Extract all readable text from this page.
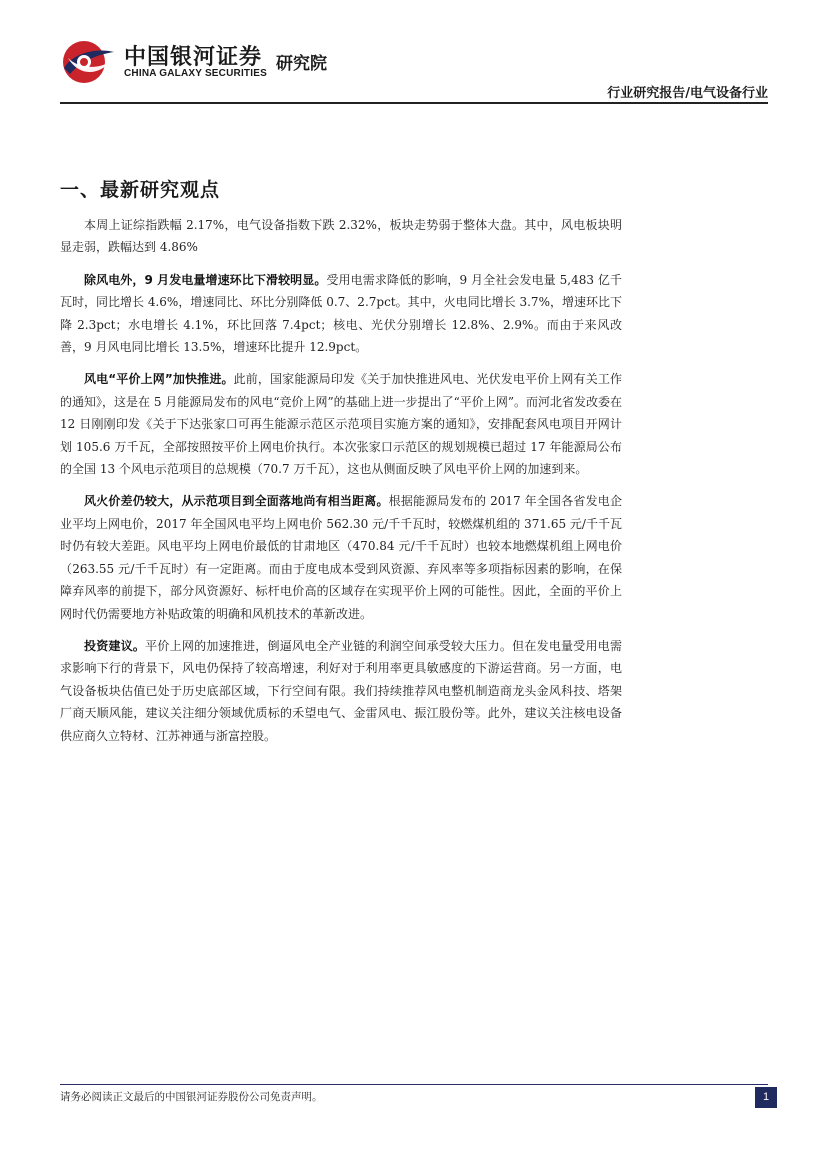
中国银河证券
CHINA GALAXY SECURITIES 研究院
行业研究报告/电气设备行业
一、最新研究观点

本周上证综指跌幅 2.17%，电气设备指数下跌 2.32%，板块走势弱于整体大盘。其中，风电板块明显走弱，跌幅达到 4.86%

除风电外，9 月发电量增速环比下滑较明显。受用电需求降低的影响，9 月全社会发电量 5,483 亿千瓦时，同比增长 4.6%，增速同比、环比分别降低 0.7、2.7pct。其中，火电同比增长 3.7%，增速环比下降 2.3pct；水电增长 4.1%，环比回落 7.4pct；核电、光伏分别增长 12.8%、2.9%。而由于来风改善，9 月风电同比增长 13.5%，增速环比提升 12.9pct。

风电“平价上网”加快推进。此前，国家能源局印发《关于加快推进风电、光伏发电平价上网有关工作的通知》，这是在 5 月能源局发布的风电“竞价上网”的基础上进一步提出了“平价上网”。而河北省发改委在 12 日刚刚印发《关于下达张家口可再生能源示范区示范项目实施方案的通知》，安排配套风电项目开网计划 105.6 万千瓦，全部按照按平价上网电价执行。本次张家口示范区的规划规模已超过 17 年能源局公布的全国 13 个风电示范项目的总规模（70.7 万千瓦），这也从侧面反映了风电平价上网的加速到来。

风火价差仍较大，从示范项目到全面落地尚有相当距离。根据能源局发布的 2017 年全国各省发电企业平均上网电价，2017 年全国风电平均上网电价 562.30 元/千千瓦时，较燃煤机组的 371.65 元/千千瓦时仍有较大差距。风电平均上网电价最低的甘肃地区（470.84 元/千千瓦时）也较本地燃煤机组上网电价（263.55 元/千千瓦时）有一定距离。而由于度电成本受到风资源、弃风率等多项指标因素的影响，在保障弃风率的前提下，部分风资源好、标杆电价高的区域存在实现平价上网的可能性。因此，全面的平价上网时代仍需要地方补贴政策的明确和风机技术的革新改进。

投资建议。平价上网的加速推进，倒逼风电全产业链的利润空间承受较大压力。但在发电量受用电需求影响下行的背景下，风电仍保持了较高增速，利好对于利用率更具敏感度的下游运营商。另一方面，电气设备板块估值已处于历史底部区域，下行空间有限。我们持续推荐风电整机制造商龙头金风科技、塔架厂商天顺风能，建议关注细分领域优质标的禾望电气、金雷风电、振江股份等。此外，建议关注核电设备供应商久立特材、江苏神通与浙富控股。

请务必阅读正文最后的中国银河证券股份公司免责声明。	1
